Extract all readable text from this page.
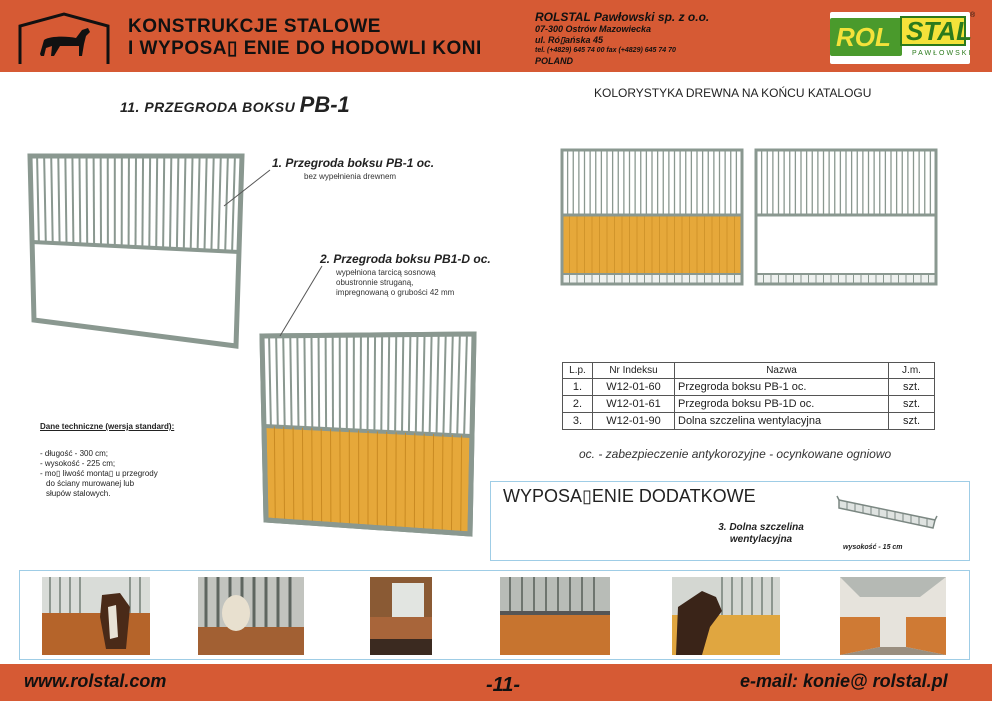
KONSTRUKCJE STALOWE
I WYPOSA▯ ENIE DO HODOWLI KONI
ROLSTAL Pawłowski sp. z o.o.
07-300 Ostrów Mazowiecka
ul. Ró▯ańska 45
tel. (+4829) 645 74 00 fax (+4829) 645 74 70
POLAND
ROL STAL
PAWŁOWSKI
®
11. PRZEGRODA BOKSU PB-1	KOLORYSTYKA DREWNA NA KOŃCU KATALOGU
1. Przegroda boksu PB-1 oc.
bez wypełnienia drewnem
2. Przegroda boksu PB1-D oc.
wypełniona tarcicą sosnową
obustronnie struganą,
impregnowaną o grubości 42 mm
Dane techniczne (wersja standard):
- długość - 300 cm;
- wysokość - 225 cm;
- mo▯ liwość monta▯ u przegrody
do ściany murowanej lub
słupów stalowych.
L.p.	Nr Indeksu	Nazwa	J.m.
1.	W12-01-60	Przegroda boksu PB-1 oc.	szt.
2.	W12-01-61	Przegroda boksu PB-1D oc.	szt.
3.	W12-01-90	Dolna szczelina wentylacyjna	szt.
oc. - zabezpieczenie antykorozyjne - ocynkowane ogniowo
WYPOSA▯ENIE DODATKOWE
3. Dolna szczelina
wentylacyjna
wysokość - 15 cm
www.rolstal.com	-11-	e-mail: konie@ rolstal.pl
